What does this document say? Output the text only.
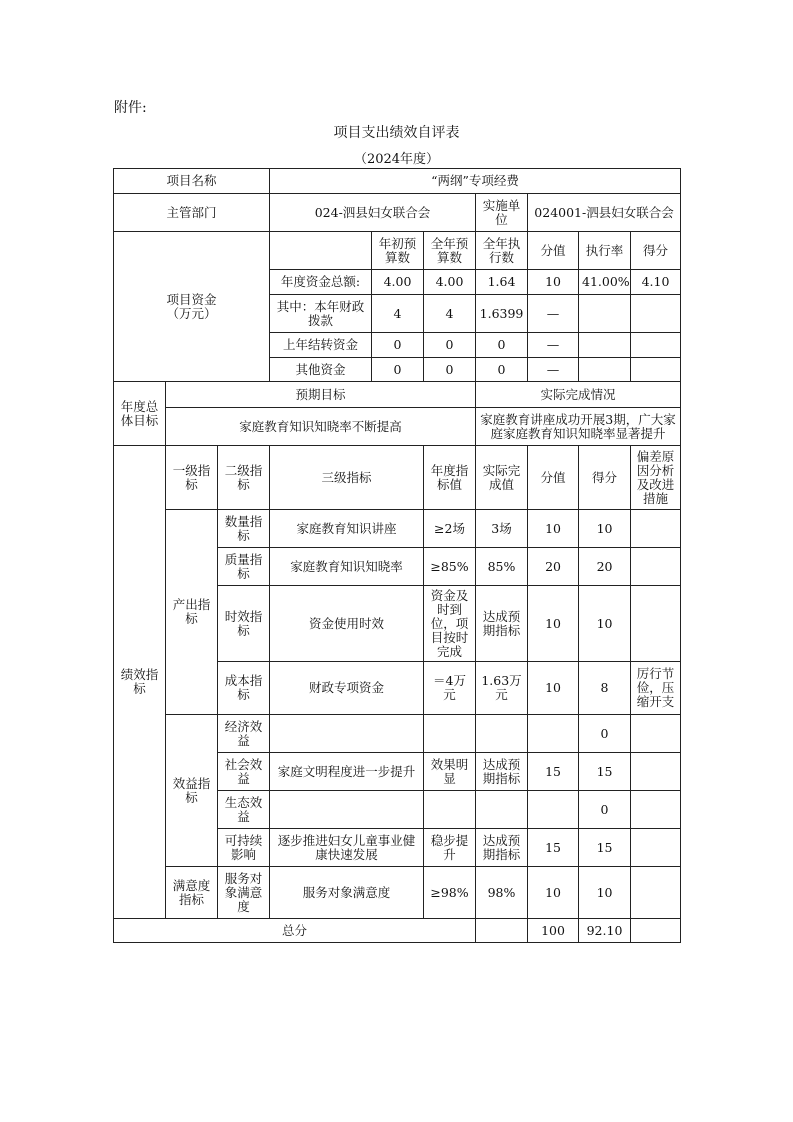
附件:
项目支出绩效自评表
（2024年度）
项目名称			“两纲”专项经费						
主管部门			024-泗县妇女联合会			实施单位	024001-泗县妇女联合会		
项目资金
（万元）				年初预算数	全年预算数	全年执行数	分值	执行率	得分
			年度资金总额:	4.00	4.00	1.64	10	41.00%	4.10
			其中：本年财政拨款	4	4	1.6399	—		
			上年结转资金	0	0	0	—		
			其他资金	0	0	0	—		
年度总体目标	预期目标					实际完成情况			
	家庭教育知识知晓率不断提高					家庭教育讲座成功开展3期，广大家庭家庭教育知识知晓率显著提升			
绩效指标	一级指标	二级指标	三级指标		年度指标值	实际完成值	分值	得分	偏差原因分析及改进措施
	产出指标	数量指标	家庭教育知识讲座		≥2场	3场	10	10	
		质量指标	家庭教育知识知晓率		≥85%	85%	20	20	
		时效指标	资金使用时效		资金及时到位，项目按时完成	达成预期指标	10	10	
		成本指标	财政专项资金		＝4万元	1.63万元	10	8	厉行节俭，压缩开支
	效益指标	经济效益						0	
		社会效益	家庭文明程度进一步提升		效果明显	达成预期指标	15	15	
		生态效益						0	
		可持续影响	逐步推进妇女儿童事业健康快速发展		稳步提升	达成预期指标	15	15	
	满意度指标	服务对象满意度	服务对象满意度		≥98%	98%	10	10	
总分							100	92.10	
